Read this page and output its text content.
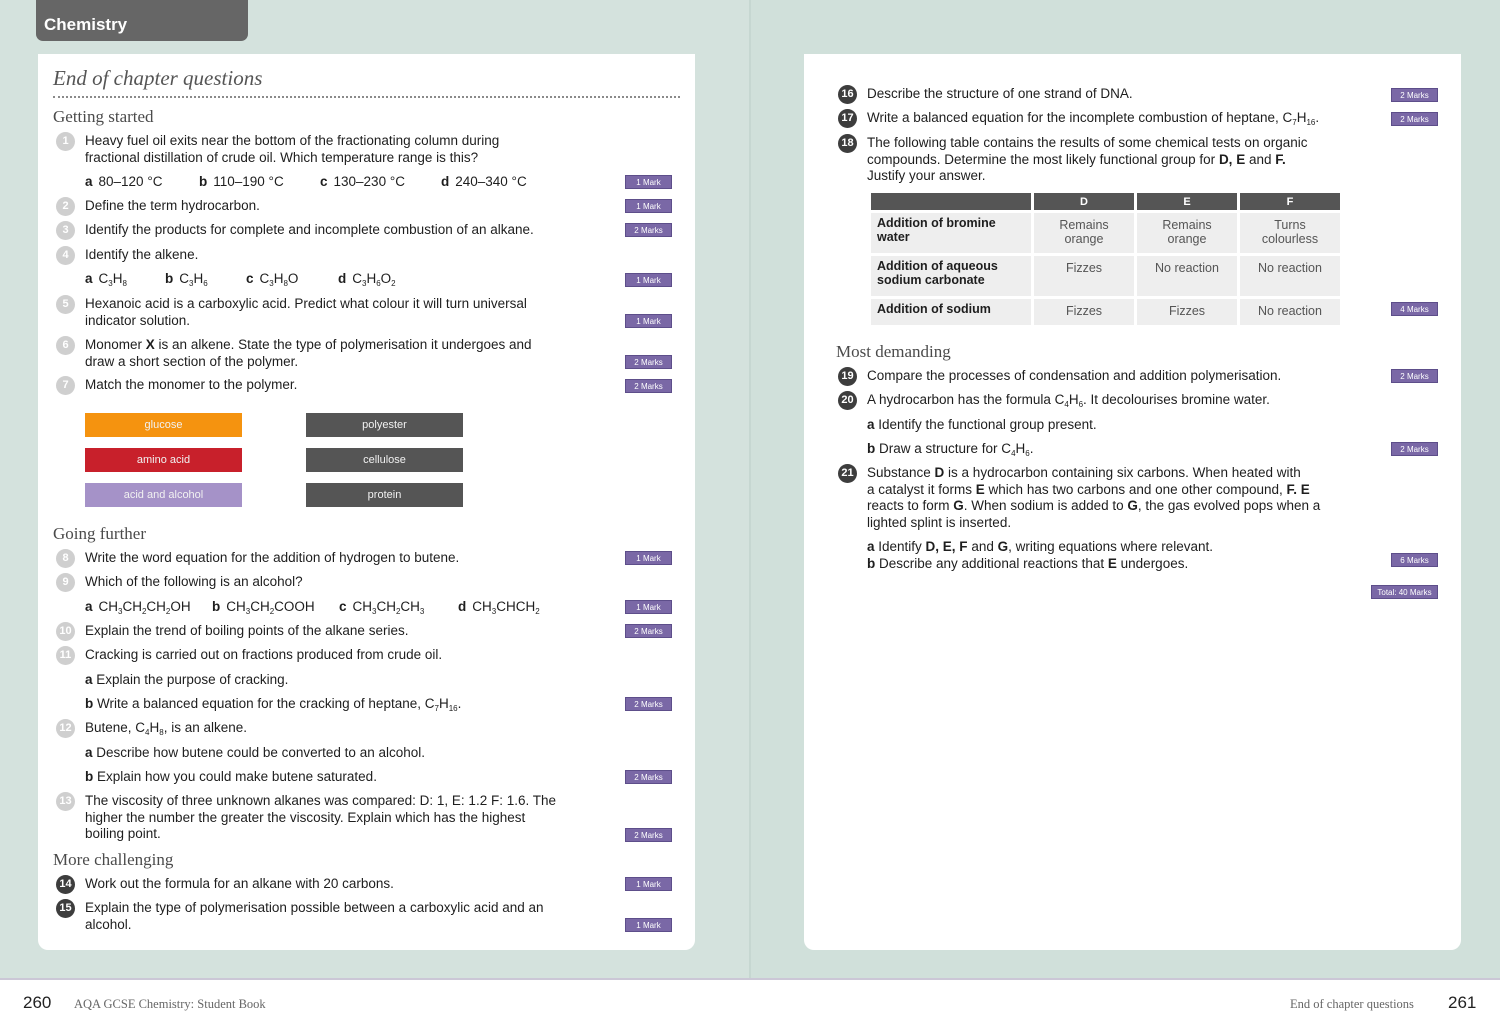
Chemistry
End of chapter questions
Getting started
1	Heavy fuel oil exits near the bottom of the fractionating column during
fractional distillation of crude oil. Which temperature range is this?
a 80–120 °C	b 110–190 °C	c 130–230 °C	d 240–340 °C	1 Mark
2	Define the term hydrocarbon.	1 Mark
3	Identify the products for complete and incomplete combustion of an alkane.	2 Marks
4	Identify the alkene.
a $C_3H_8$	b $C_3H_6$	c $C_3H_8O$	d $C_3H_6O_2$	1 Mark
5	Hexanoic acid is a carboxylic acid. Predict what colour it will turn universal
indicator solution.	1 Mark
6	Monomer X is an alkene. State the type of polymerisation it undergoes and
draw a short section of the polymer.	2 Marks
7	Match the monomer to the polymer.	2 Marks
glucose
amino acid
acid and alcohol
polyester
cellulose
protein
Going further
8	Write the word equation for the addition of hydrogen to butene.	1 Mark
9	Which of the following is an alcohol?
a $CH_3CH_2CH_2OH$ b $CH_3CH_2COOH$ c $CH_3CH_2CH_3$ d $CH_3CHCH_2$	1 Mark
10 Explain the trend of boiling points of the alkane series.	2 Marks
11 Cracking is carried out on fractions produced from crude oil.
a Explain the purpose of cracking.
b Write a balanced equation for the cracking of heptane, $C_7H_{16}$.	2 Marks
12 Butene, $C_4H_8$, is an alkene.
a Describe how butene could be converted to an alcohol.
b Explain how you could make butene saturated.	2 Marks
13 The viscosity of three unknown alkanes was compared: D: 1, E: 1.2 F: 1.6. The
higher the number the greater the viscosity. Explain which has the highest
boiling point.	2 Marks
More challenging
14 Work out the formula for an alkane with 20 carbons.	1 Mark
15 Explain the type of polymerisation possible between a carboxylic acid and an
alcohol.	1 Mark
16 Describe the structure of one strand of DNA.	2 Marks
17 Write a balanced equation for the incomplete combustion of heptane, $C_7H_{16}$.	2 Marks
18 The following table contains the results of some chemical tests on organic
compounds. Determine the most likely functional group for D, E and F.
Justify your answer.
	D	E	F
Addition of bromine water	Remains orange	Remains orange	Turns colourless
Addition of aqueous sodium carbonate	Fizzes	No reaction	No reaction
Addition of sodium	Fizzes	Fizzes	No reaction	4 Marks
Most demanding
19 Compare the processes of condensation and addition polymerisation.	2 Marks
20 A hydrocarbon has the formula $C_4H_6$. It decolourises bromine water.
a Identify the functional group present.
b Draw a structure for $C_4H_6$.	2 Marks
21 Substance D is a hydrocarbon containing six carbons. When heated with
a catalyst it forms E which has two carbons and one other compound, F. E
reacts to form G. When sodium is added to G, the gas evolved pops when a
lighted splint is inserted.
a Identify D, E, F and G, writing equations where relevant.
b Describe any additional reactions that E undergoes.	6 Marks
Total: 40 Marks
260 AQA GCSE Chemistry: Student Book	End of chapter questions 261
